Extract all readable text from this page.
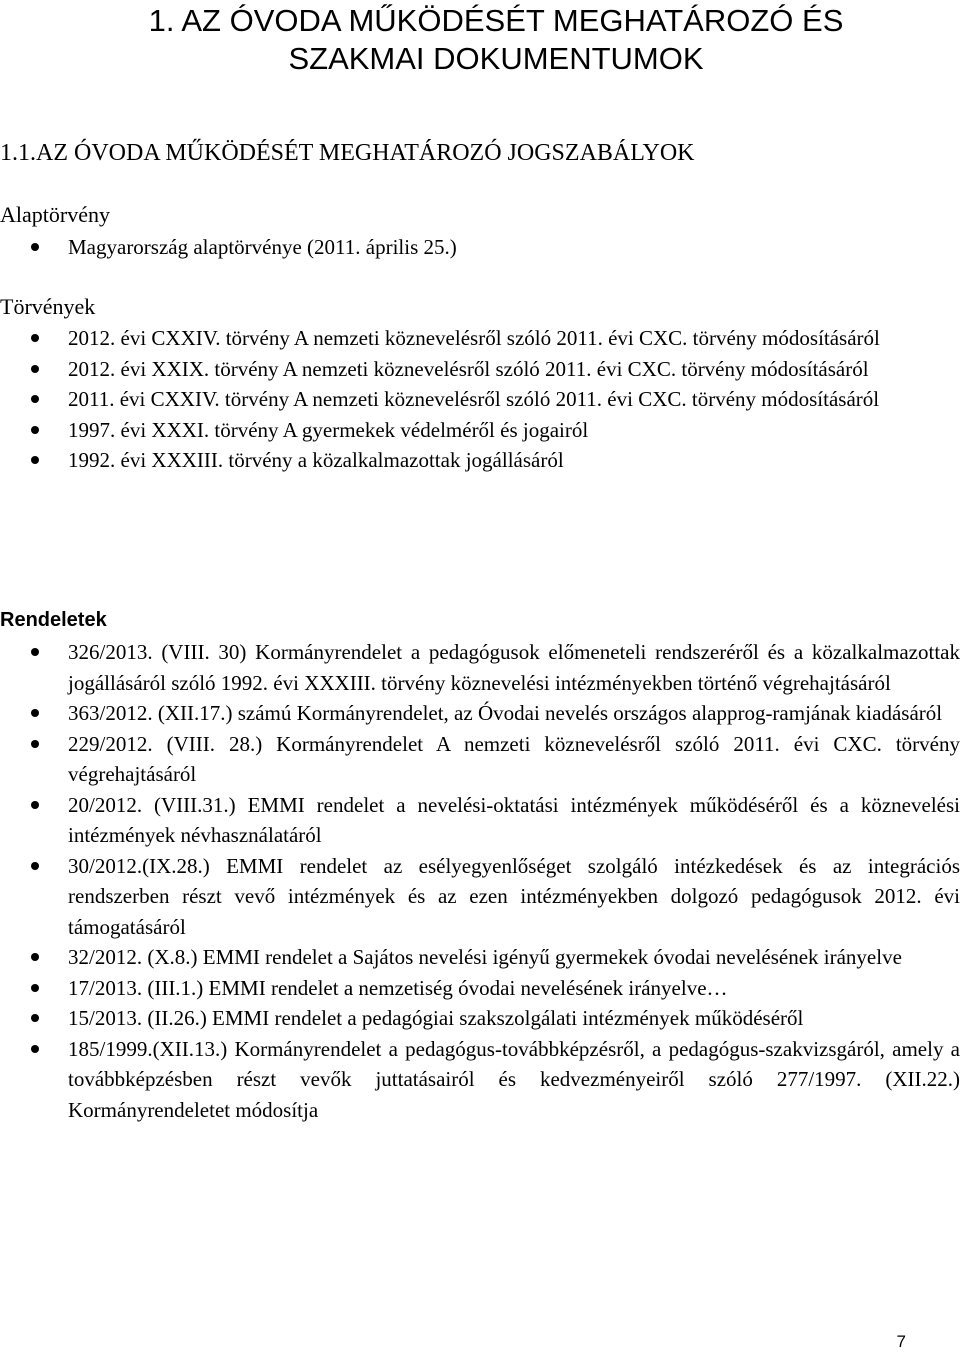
1. AZ ÓVODA MŰKÖDÉSÉT MEGHATÁROZÓ ÉS SZAKMAI DOKUMENTUMOK
1.1.AZ ÓVODA MŰKÖDÉSÉT MEGHATÁROZÓ JOGSZABÁLYOK
Alaptörvény
Magyarország alaptörvénye (2011. április 25.)
Törvények
2012. évi CXXIV. törvény A nemzeti köznevelésről szóló 2011. évi CXC. törvény módosításáról
2012. évi XXIX. törvény A nemzeti köznevelésről szóló 2011. évi CXC. törvény módosításáról
2011. évi CXXIV. törvény A nemzeti köznevelésről szóló 2011. évi CXC. törvény módosításáról
1997. évi XXXI. törvény A gyermekek védelméről és jogairól
1992. évi XXXIII. törvény a közalkalmazottak jogállásáról
Rendeletek
326/2013. (VIII. 30) Kormányrendelet a pedagógusok előmeneteli rendszeréről és a közalkalmazottak jogállásáról szóló 1992. évi XXXIII. törvény köznevelési intézményekben történő végrehajtásáról
363/2012. (XII.17.) számú Kormányrendelet, az Óvodai nevelés országos alapprog-ramjának kiadásáról
229/2012. (VIII. 28.) Kormányrendelet A nemzeti köznevelésről szóló 2011. évi CXC. törvény végrehajtásáról
20/2012. (VIII.31.) EMMI rendelet a nevelési-oktatási intézmények működéséről és a köznevelési intézmények névhasználatáról
30/2012.(IX.28.) EMMI rendelet az esélyegyenlőséget szolgáló intézkedések és az integrációs rendszerben részt vevő intézmények és az ezen intézményekben dolgozó pedagógusok 2012. évi támogatásáról
32/2012. (X.8.) EMMI rendelet a Sajátos nevelési igényű gyermekek óvodai nevelésének irányelve
17/2013. (III.1.) EMMI rendelet a nemzetiség óvodai nevelésének irányelve…
15/2013. (II.26.) EMMI rendelet a pedagógiai szakszolgálati intézmények működéséről
185/1999.(XII.13.) Kormányrendelet a pedagógus-továbbképzésről, a pedagógus-szakvizsgáról, amely a továbbképzésben részt vevők juttatásairól és kedvezményeiről szóló 277/1997. (XII.22.) Kormányrendeletet módosítja
7
